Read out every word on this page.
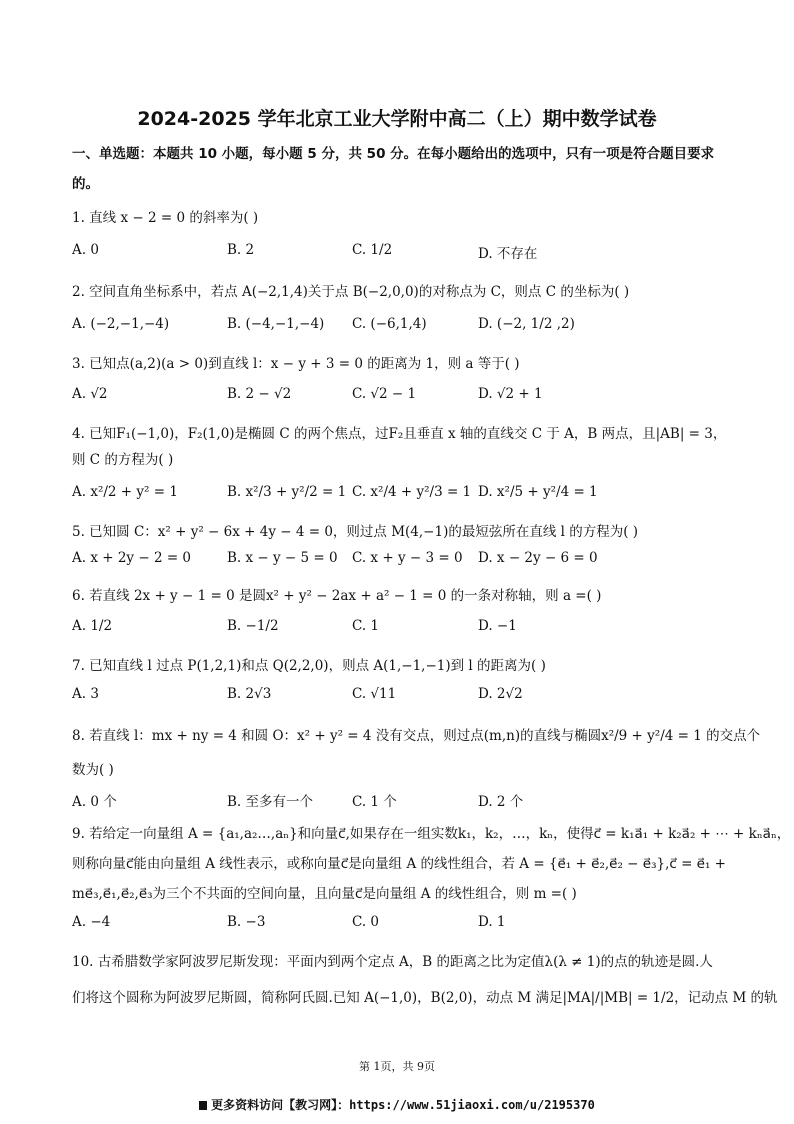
2024-2025 学年北京工业大学附中高二（上）期中数学试卷
一、单选题：本题共 10 小题，每小题 5 分，共 50 分。在每小题给出的选项中，只有一项是符合题目要求
的。
1. 直线 x − 2 = 0 的斜率为( )
A. 0	B. 2	C. 1/2	D. 不存在
2. 空间直角坐标系中，若点 A(−2,1,4)关于点 B(−2,0,0)的对称点为 C，则点 C 的坐标为( )
A. (−2,−1,−4)	B. (−4,−1,−4) C. (−6,1,4)	D. (−2, 1/2 ,2)
3. 已知点(a,2)(a > 0)到直线 l：x − y + 3 = 0 的距离为 1，则 a 等于( )
A. √2	B. 2 − √2	C. √2 − 1	D. √2 + 1
4. 已知F₁(−1,0)，F₂(1,0)是椭圆 C 的两个焦点，过F₂且垂直 x 轴的直线交 C 于 A，B 两点，且|AB| = 3，
则 C 的方程为( )
A. x²/2 + y² = 1	B. x²/3 + y²/2 = 1 C. x²/4 + y²/3 = 1 D. x²/5 + y²/4 = 1
5. 已知圆 C：x² + y² − 6x + 4y − 4 = 0，则过点 M(4,−1)的最短弦所在直线 l 的方程为( )
A. x + 2y − 2 = 0	B. x − y − 5 = 0 C. x + y − 3 = 0 D. x − 2y − 6 = 0
6. 若直线 2x + y − 1 = 0 是圆x² + y² − 2ax + a² − 1 = 0 的一条对称轴，则 a =( )
A. 1/2	B. −1/2	C. 1	D. −1
7. 已知直线 l 过点 P(1,2,1)和点 Q(2,2,0)，则点 A(1,−1,−1)到 l 的距离为( )
A. 3	B. 2√3	C. √11	D. 2√2
8. 若直线 l：mx + ny = 4 和圆 O：x² + y² = 4 没有交点，则过点(m,n)的直线与椭圆x²/9 + y²/4 = 1 的交点个
数为( )
A. 0 个	B. 至多有一个	C. 1 个	D. 2 个
9. 若给定一向量组 A = {a₁,a₂…,aₙ}和向量c⃗,如果存在一组实数k₁，k₂，…，kₙ，使得c⃗ = k₁a⃗₁ + k₂a⃗₂ + ⋯ + kₙa⃗ₙ，
则称向量c⃗能由向量组 A 线性表示，或称向量c⃗是向量组 A 的线性组合，若 A = {e⃗₁ + e⃗₂,e⃗₂ − e⃗₃},c⃗ = e⃗₁ +
me⃗₃,e⃗₁,e⃗₂,e⃗₃为三个不共面的空间向量，且向量c⃗是向量组 A 的线性组合，则 m =( )
A. −4	B. −3	C. 0	D. 1
10. 古希腊数学家阿波罗尼斯发现：平面内到两个定点 A，B 的距离之比为定值λ(λ ≠ 1)的点的轨迹是圆.人
们将这个圆称为阿波罗尼斯圆，简称阿氏圆.已知 A(−1,0)，B(2,0)，动点 M 满足|MA|/|MB| = 1/2，记动点 M 的轨
第 1页，共 9页
更多资料访问【教习网】：https://www.51jiaoxi.com/u/2195370
